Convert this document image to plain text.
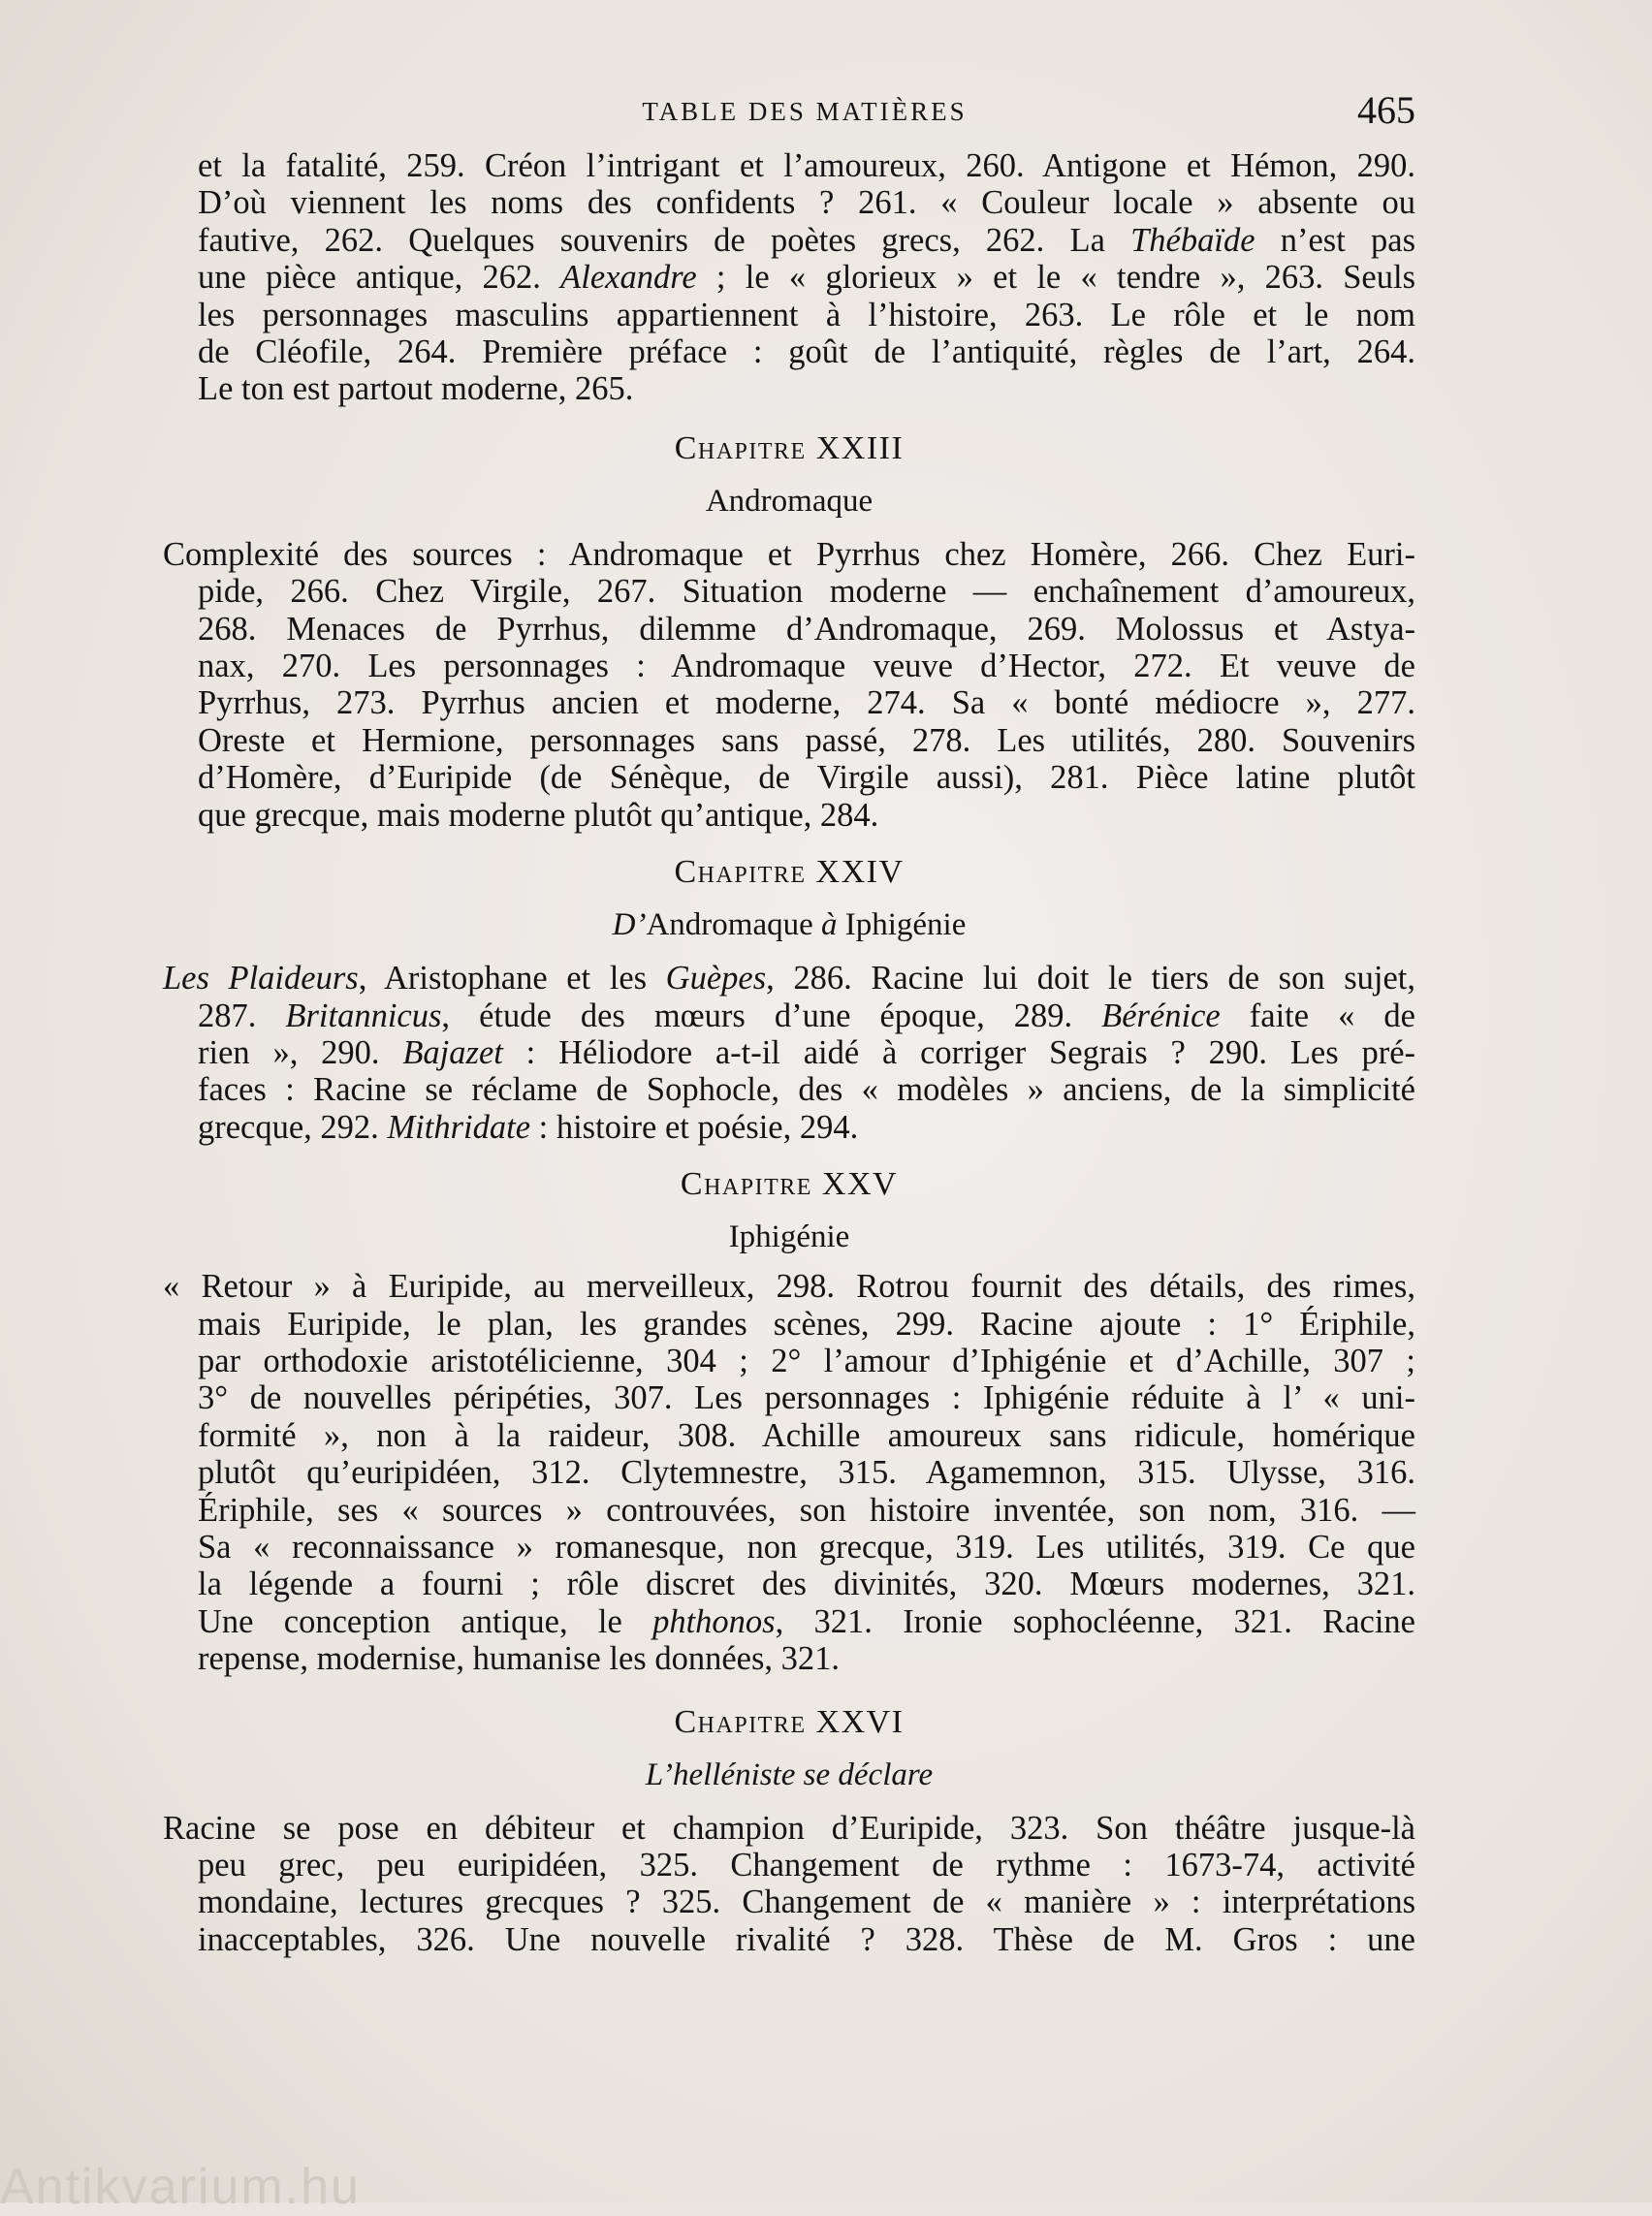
TABLE DES MATIÈRES	465

et la fatalité, 259. Créon l’intrigant et l’amoureux, 260. Antigone et Hémon, 290.

D’où viennent les noms des confidents ? 261. « Couleur locale » absente ou

fautive, 262. Quelques souvenirs de poètes grecs, 262. La Thébaïde n’est pas

une pièce antique, 262. Alexandre ; le « glorieux » et le « tendre », 263. Seuls

les personnages masculins appartiennent à l’histoire, 263. Le rôle et le nom

de Cléofile, 264. Première préface : goût de l’antiquité, règles de l’art, 264.

Le ton est partout moderne, 265.

Chapitre XXIII
Andromaque

Complexité des sources : Andromaque et Pyrrhus chez Homère, 266. Chez Euri-

pide, 266. Chez Virgile, 267. Situation moderne — enchaînement d’amoureux,

268. Menaces de Pyrrhus, dilemme d’Andromaque, 269. Molossus et Astya-

nax, 270. Les personnages : Andromaque veuve d’Hector, 272. Et veuve de

Pyrrhus, 273. Pyrrhus ancien et moderne, 274. Sa « bonté médiocre », 277.

Oreste et Hermione, personnages sans passé, 278. Les utilités, 280. Souvenirs

d’Homère, d’Euripide (de Sénèque, de Virgile aussi), 281. Pièce latine plutôt

que grecque, mais moderne plutôt qu’antique, 284.

Chapitre XXIV
D’Andromaque à Iphigénie

Les Plaideurs, Aristophane et les Guèpes, 286. Racine lui doit le tiers de son sujet,

287. Britannicus, étude des mœurs d’une époque, 289. Bérénice faite « de

rien », 290. Bajazet : Héliodore a-t-il aidé à corriger Segrais ? 290. Les pré-

faces : Racine se réclame de Sophocle, des « modèles » anciens, de la simplicité

grecque, 292. Mithridate : histoire et poésie, 294.

Chapitre XXV
Iphigénie

« Retour » à Euripide, au merveilleux, 298. Rotrou fournit des détails, des rimes,

mais Euripide, le plan, les grandes scènes, 299. Racine ajoute : 1° Ériphile,

par orthodoxie aristotélicienne, 304 ; 2° l’amour d’Iphigénie et d’Achille, 307 ;

3° de nouvelles péripéties, 307. Les personnages : Iphigénie réduite à l’ « uni-

formité », non à la raideur, 308. Achille amoureux sans ridicule, homérique

plutôt qu’euripidéen, 312. Clytemnestre, 315. Agamemnon, 315. Ulysse, 316.

Ériphile, ses « sources » controuvées, son histoire inventée, son nom, 316. —

Sa « reconnaissance » romanesque, non grecque, 319. Les utilités, 319. Ce que

la légende a fourni ; rôle discret des divinités, 320. Mœurs modernes, 321.

Une conception antique, le phthonos, 321. Ironie sophocléenne, 321. Racine

repense, modernise, humanise les données, 321.

Chapitre XXVI
L’helléniste se déclare

Racine se pose en débiteur et champion d’Euripide, 323. Son théâtre jusque-là

peu grec, peu euripidéen, 325. Changement de rythme : 1673-74, activité

mondaine, lectures grecques ? 325. Changement de « manière » : interprétations

inacceptables, 326. Une nouvelle rivalité ? 328. Thèse de M. Gros : une

Antikvarium.hu
